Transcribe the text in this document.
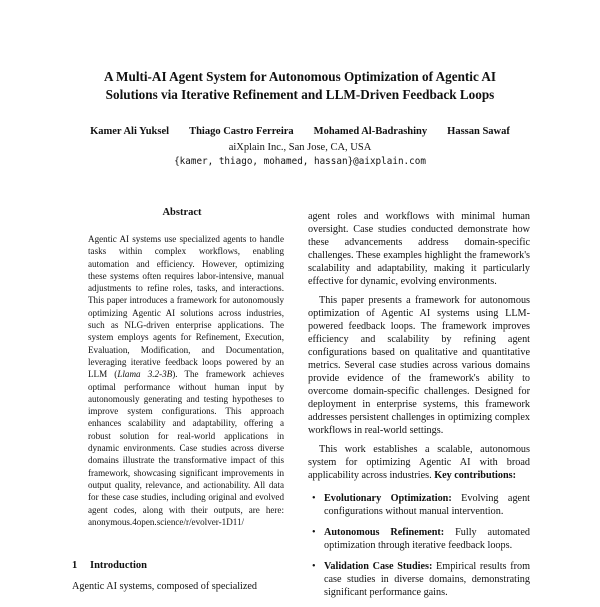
A Multi-AI Agent System for Autonomous Optimization of Agentic AI
Solutions via Iterative Refinement and LLM-Driven Feedback Loops
Kamer Ali Yuksel Thiago Castro Ferreira Mohamed Al-Badrashiny Hassan Sawaf
aiXplain Inc., San Jose, CA, USA
{kamer, thiago, mohamed, hassan}@aixplain.com
Abstract
Agentic AI systems use specialized agents to handle tasks within complex workflows, enabling automation and efficiency. However, optimizing these systems often requires labor-intensive, manual adjustments to refine roles, tasks, and interactions. This paper introduces a framework for autonomously optimizing Agentic AI solutions across industries, such as NLG-driven enterprise applications. The system employs agents for Refinement, Execution, Evaluation, Modification, and Documentation, leveraging iterative feedback loops powered by an LLM (Llama 3.2-3B). The framework achieves optimal performance without human input by autonomously generating and testing hypotheses to improve system configurations. This approach enhances scalability and adaptability, offering a robust solution for real-world applications in dynamic environments. Case studies across diverse domains illustrate the transformative impact of this framework, showcasing significant improvements in output quality, relevance, and actionability. All data for these case studies, including original and evolved agent codes, along with their outputs, are here: anonymous.4open.science/r/evolver-1D11/
1 Introduction
Agentic AI systems, composed of specialized

agent roles and workflows with minimal human oversight. Case studies conducted demonstrate how these advancements address domain-specific challenges. These examples highlight the framework's scalability and adaptability, making it particularly effective for dynamic, evolving environments.

This paper presents a framework for autonomous optimization of Agentic AI systems using LLM-powered feedback loops. The framework improves efficiency and scalability by refining agent configurations based on qualitative and quantitative metrics. Several case studies across various domains provide evidence of the framework's ability to overcome domain-specific challenges. Designed for deployment in enterprise systems, this framework addresses persistent challenges in optimizing complex workflows in real-world settings.

This work establishes a scalable, autonomous system for optimizing Agentic AI with broad applicability across industries. Key contributions:

• Evolutionary Optimization: Evolving agent configurations without manual intervention.
• Autonomous Refinement: Fully automated optimization through iterative feedback loops.
• Validation Case Studies: Empirical results from case studies in diverse domains, demonstrating significant performance gains.
